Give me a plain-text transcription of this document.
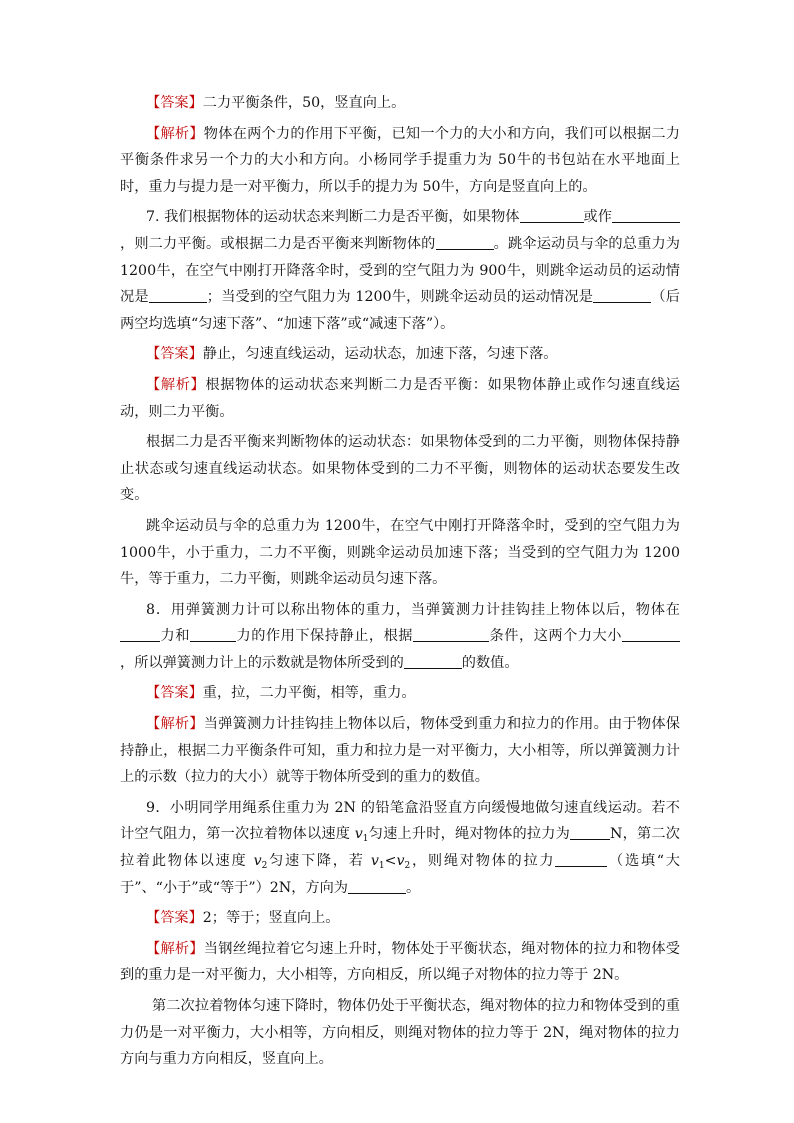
【答案】二力平衡条件，50，竖直向上。

【解析】物体在两个力的作用下平衡，已知一个力的大小和方向，我们可以根据二力平衡条件求另一个力的大小和方向。小杨同学手提重力为 50牛的书包站在水平地面上时，重力与提力是一对平衡力，所以手的提力为 50牛，方向是竖直向上的。

7. 我们根据物体的运动状态来判断二力是否平衡，如果物体	或作，则二力平衡。或根据二力是否平衡来判断物体的	。跳伞运动员与伞的总重力为 1200牛，在空气中刚打开降落伞时，受到的空气阻力为 900牛，则跳伞运动员的运动情况是	；当受到的空气阻力为 1200牛，则跳伞运动员的运动情况是	（后两空均选填“匀速下落”、“加速下落”或“减速下落”）。

【答案】静止，匀速直线运动，运动状态，加速下落，匀速下落。

【解析】根据物体的运动状态来判断二力是否平衡：如果物体静止或作匀速直线运动，则二力平衡。

根据二力是否平衡来判断物体的运动状态：如果物体受到的二力平衡，则物体保持静止状态或匀速直线运动状态。如果物体受到的二力不平衡，则物体的运动状态要发生改变。

跳伞运动员与伞的总重力为 1200牛，在空气中刚打开降落伞时，受到的空气阻力为 1000牛，小于重力，二力不平衡，则跳伞运动员加速下落；当受到的空气阻力为 1200 牛，等于重力，二力平衡，则跳伞运动员匀速下落。

8．用弹簧测力计可以称出物体的重力，当弹簧测力计挂钩挂上物体以后，物体在力和	力的作用下保持静止，根据	条件，这两个力大小，所以弹簧测力计上的示数就是物体所受到的	的数值。

【答案】重，拉，二力平衡，相等，重力。

【解析】当弹簧测力计挂钩挂上物体以后，物体受到重力和拉力的作用。由于物体保持静止，根据二力平衡条件可知，重力和拉力是一对平衡力，大小相等，所以弹簧测力计上的示数（拉力的大小）就等于物体所受到的重力的数值。

9．小明同学用绳系住重力为 2N 的铅笔盒沿竖直方向缓慢地做匀速直线运动。若不计空气阻力，第一次拉着物体以速度 $v_1$匀速上升时，绳对物体的拉力为	N，第二次拉着此物体以速度 $v_2$匀速下降，若 $v_1<v_2$，则绳对物体的拉力	（选填“大于”、“小于”或“等于”）2N，方向为	。

【答案】2；等于；竖直向上。

【解析】当钢丝绳拉着它匀速上升时，物体处于平衡状态，绳对物体的拉力和物体受到的重力是一对平衡力，大小相等，方向相反，所以绳子对物体的拉力等于 2N。

第二次拉着物体匀速下降时，物体仍处于平衡状态，绳对物体的拉力和物体受到的重力仍是一对平衡力，大小相等，方向相反，则绳对物体的拉力等于 2N，绳对物体的拉力方向与重力方向相反，竖直向上。
